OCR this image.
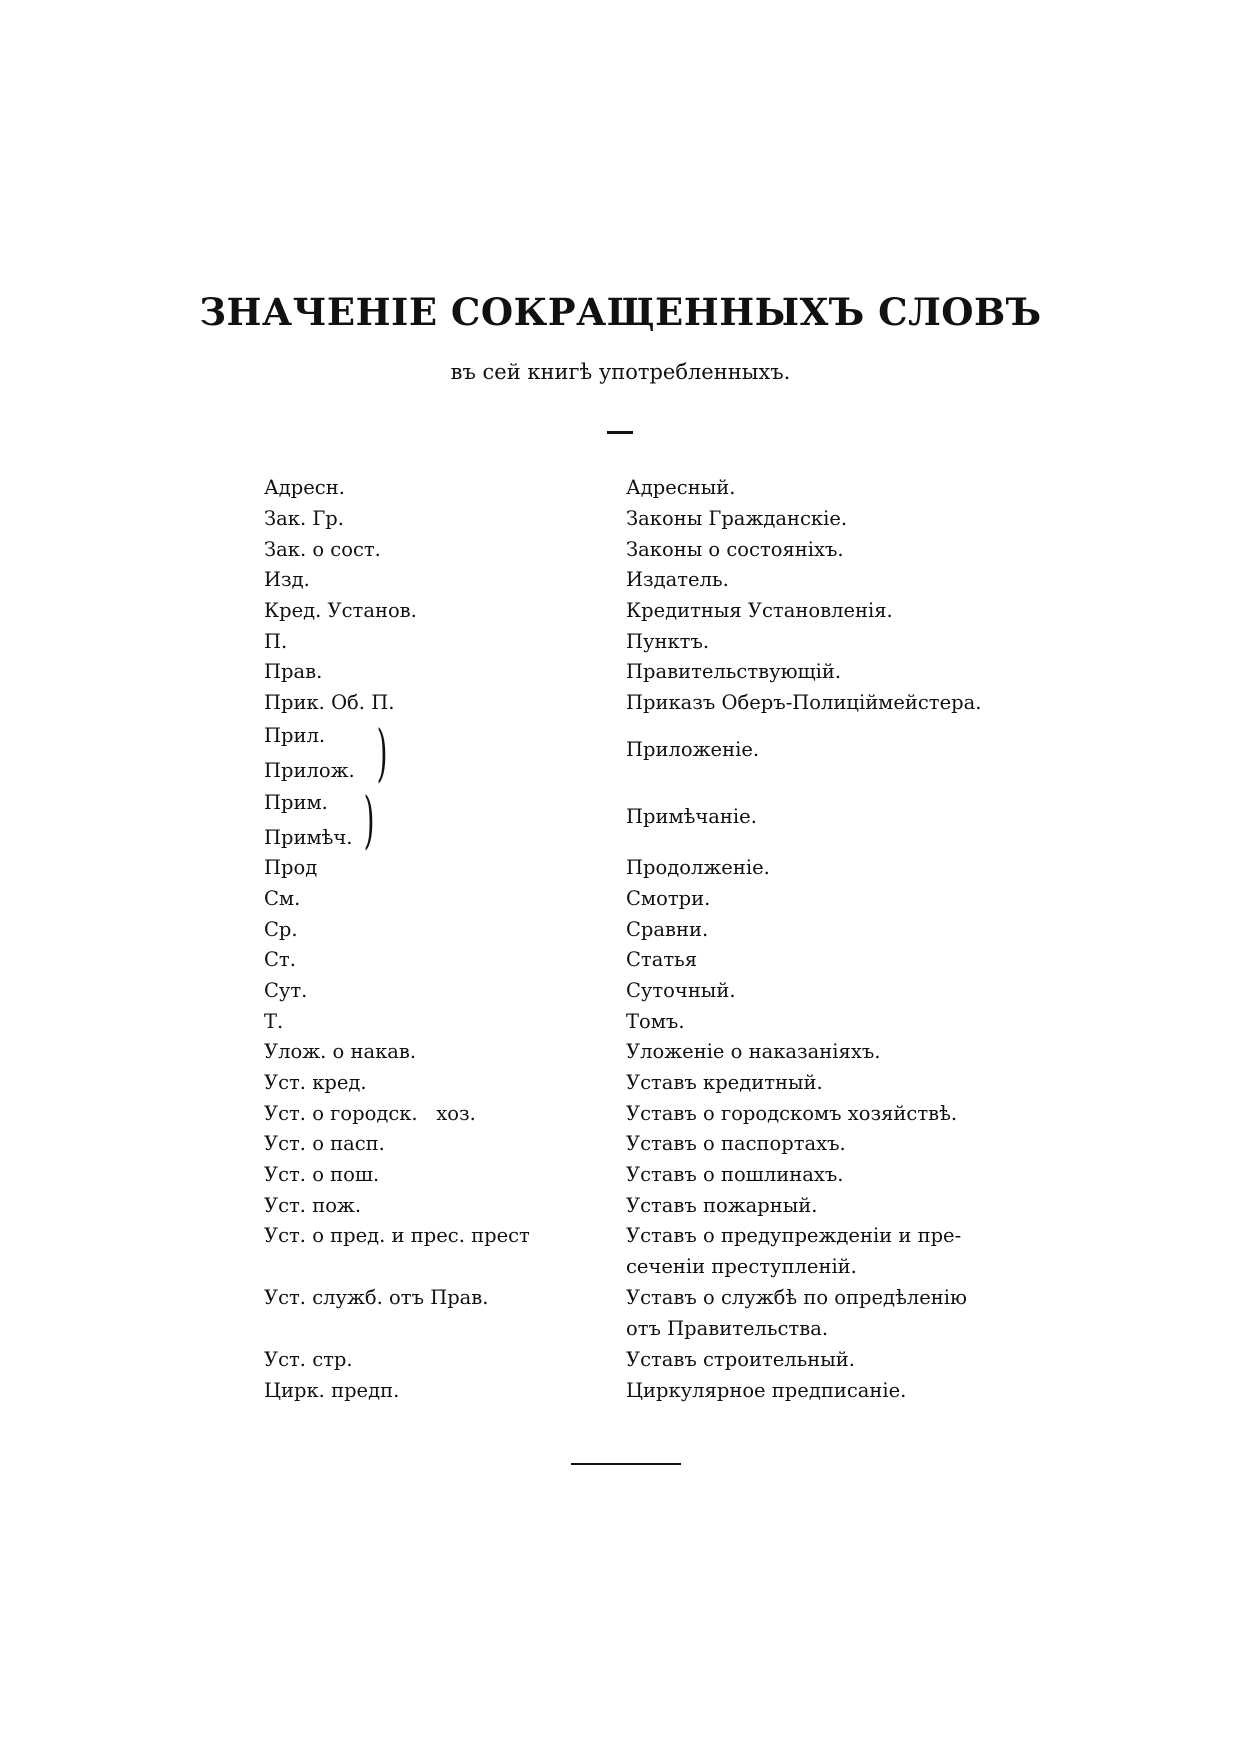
ЗНАЧЕНІЕ СОКРАЩЕННЫХЪ СЛОВЪ

въ сей книгѣ употребленныхъ.

Адресн.	Адресный.
Зак. Гр.	Законы Гражданскіе.
Зак. о сост.	Законы о состояніхъ.
Изд.	Издатель.
Кред. Установ.	Кредитныя Установленія.
П.	Пунктъ.
Прав.	Правительствующій.
Прик. Об. П.	Приказъ Оберъ-Полиціймейстера.
Прил.
Прилож. )	Приложеніе.
Прим.
Примѣч. )	Примѣчаніе.
Прод	Продолженіе.
См.	Смотри.
Ср.	Сравни.
Ст.	Статья
Сут.	Суточный.
Т.	Томъ.
Улож. о накав.	Уложеніе о наказаніяхъ.
Уст. кред.	Уставъ кредитный.
Уст. о городск.   хоз.	Уставъ о городскомъ хозяйствѣ.
Уст. о пасп.	Уставъ о паспортахъ.
Уст. о пош.	Уставъ о пошлинахъ.
Уст. пож.	Уставъ пожарный.
Уст. о пред. и прес. прест	Уставъ о предупрежденіи и пре-
сеченіи преступленій.
Уст. служб. отъ Прав.	Уставъ о службѣ по опредѣленію
отъ Правительства.
Уст. стр.	Уставъ строительный.
Цирк. предп.	Циркулярное предписаніе.
